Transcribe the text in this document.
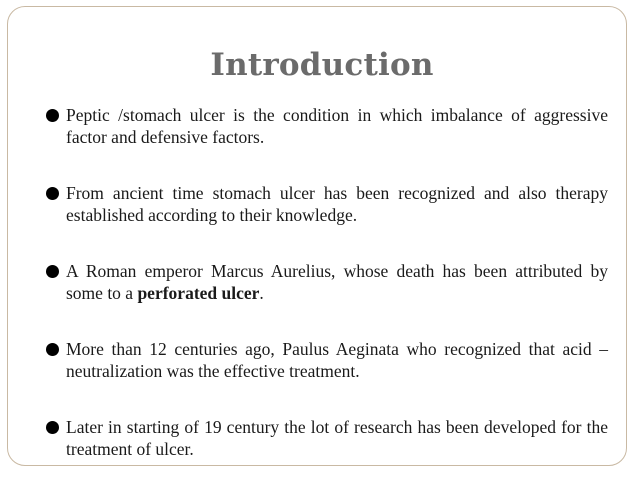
Introduction
Peptic /stomach ulcer is the condition in which imbalance of aggressive factor and defensive factors.
From ancient time stomach ulcer has been recognized and also therapy established according to their knowledge.
A Roman emperor Marcus Aurelius, whose death has been attributed by some to a perforated ulcer.
More than 12 centuries ago, Paulus Aeginata who recognized that acid – neutralization was the effective treatment.
Later in starting of 19 century the lot of research has been developed for the treatment of ulcer.
